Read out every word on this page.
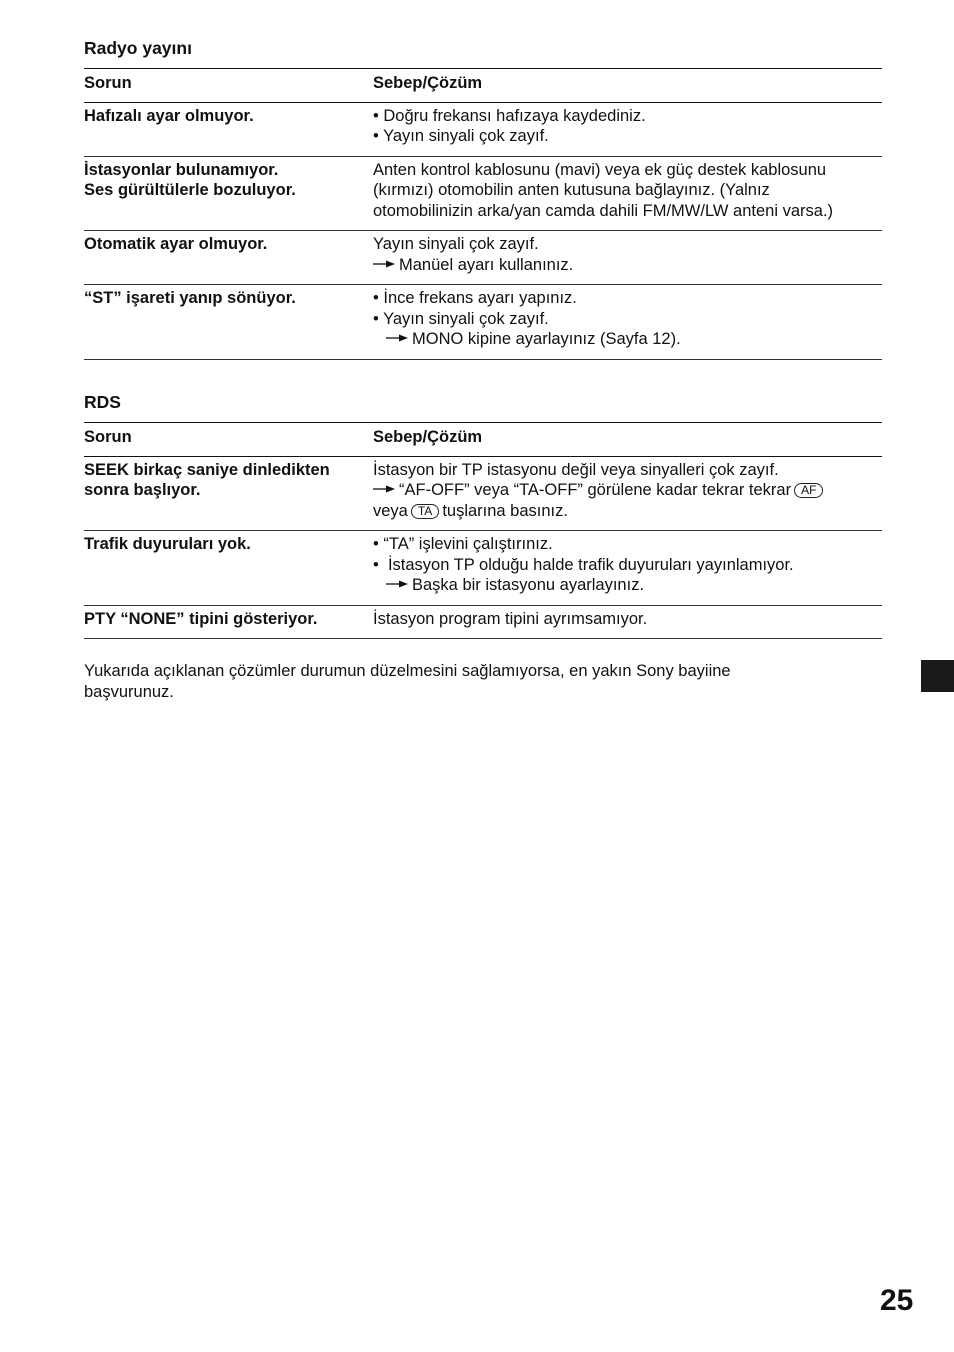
Radyo yayını
Sorun	Sebep/Çözüm
Hafızalı ayar olmuyor.	• Doğru frekansı hafızaya kaydediniz.
• Yayın sinyali çok zayıf.

İstasyonlar bulunamıyor.
Ses gürültülerle bozuluyor.	Anten kontrol kablosunu (mavi) veya ek güç destek kablosunu
(kırmızı) otomobilin anten kutusuna bağlayınız. (Yalnız
otomobilinizin arka/yan camda dahili FM/MW/LW anteni varsa.)

Otomatik ayar olmuyor.	Yayın sinyali çok zayıf.
Manüel ayarı kullanınız.

“ST” işareti yanıp sönüyor.	• İnce frekans ayarı yapınız.
• Yayın sinyali çok zayıf.
MONO kipine ayarlayınız (Sayfa 12).
RDS
Sorun	Sebep/Çözüm

SEEK birkaç saniye dinledikten
sonra başlıyor.	İstasyon bir TP istasyonu değil veya sinyalleri çok zayıf.
“AF-OFF” veya “TA-OFF” görülene kadar tekrar tekrar AF
veya TA tuşlarına basınız.

Trafik duyuruları yok.	• “TA” işlevini çalıştırınız.
•  İstasyon TP olduğu halde trafik duyuruları yayınlamıyor.
Başka bir istasyonu ayarlayınız.

PTY “NONE” tipini gösteriyor.	İstasyon program tipini ayrımsamıyor.
Yukarıda açıklanan çözümler durumun düzelmesini sağlamıyorsa, en yakın Sony bayiine
başvurunuz.
25
